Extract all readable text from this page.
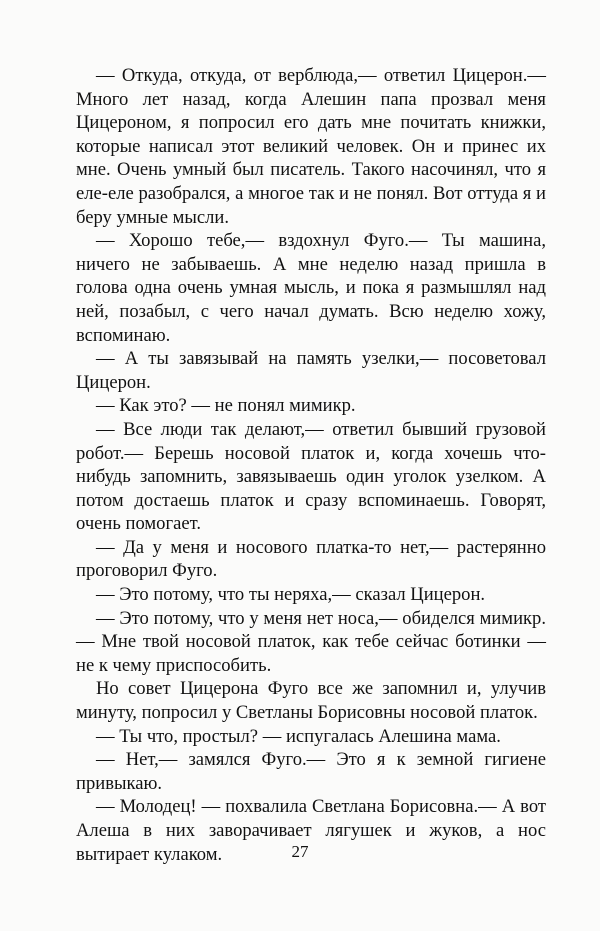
— Откуда, откуда, от верблюда,— ответил Цицерон.— Много лет назад, когда Алешин папа прозвал меня Цицероном, я попросил его дать мне почитать книжки, которые написал этот великий человек. Он и принес их мне. Очень умный был писатель. Такого насочинял, что я еле-еле разобрался, а многое так и не понял. Вот оттуда я и беру умные мысли.

— Хорошо тебе,— вздохнул Фуго.— Ты машина, ничего не забываешь. А мне неделю назад пришла в голова одна очень умная мысль, и пока я размышлял над ней, позабыл, с чего начал думать. Всю неделю хожу, вспоминаю.

— А ты завязывай на память узелки,— посоветовал Цицерон.

— Как это? — не понял мимикр.

— Все люди так делают,— ответил бывший грузовой робот.— Берешь носовой платок и, когда хочешь что-нибудь запомнить, завязываешь один уголок узелком. А потом достаешь платок и сразу вспоминаешь. Говорят, очень помогает.

— Да у меня и носового платка-то нет,— растерянно проговорил Фуго.

— Это потому, что ты неряха,— сказал Цицерон.

— Это потому, что у меня нет носа,— обиделся мимикр.— Мне твой носовой платок, как тебе сейчас ботинки — не к чему приспособить.

Но совет Цицерона Фуго все же запомнил и, улучив минуту, попросил у Светланы Борисовны носовой платок.

— Ты что, простыл? — испугалась Алешина мама.

— Нет,— замялся Фуго.— Это я к земной гигиене привыкаю.

— Молодец! — похвалила Светлана Борисовна.— А вот Алеша в них заворачивает лягушек и жуков, а нос вытирает кулаком.	27
